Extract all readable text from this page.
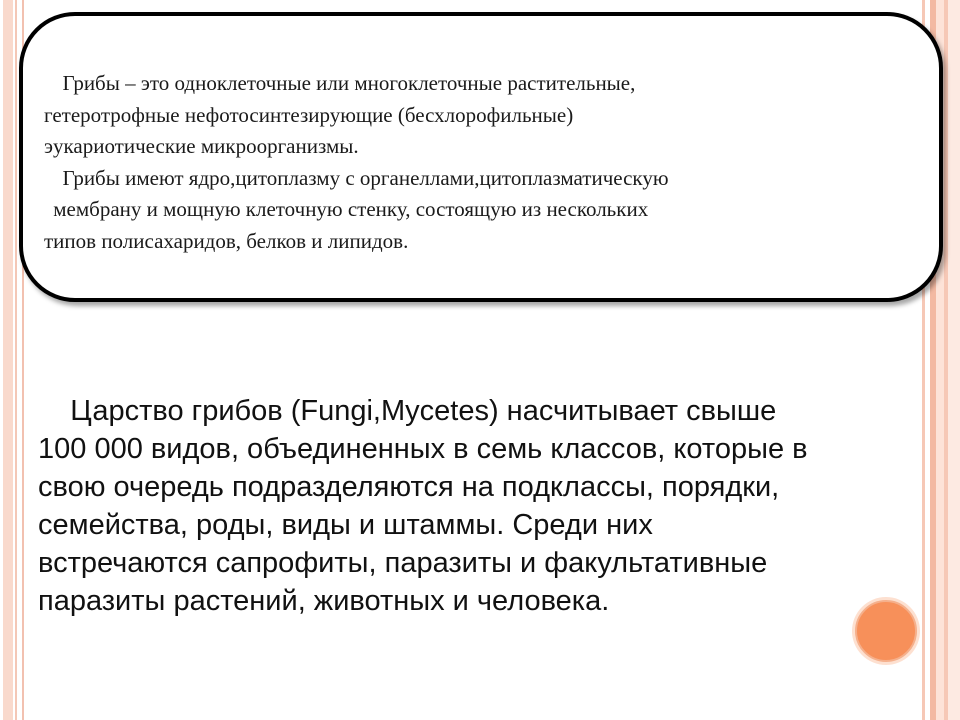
Грибы – это одноклеточные или многоклеточные растительные,

гетеротрофные нефотосинтезирующие (бесхлорофильные)

эукариотические микроорганизмы.

Грибы имеют ядро,цитоплазму с органеллами,цитоплазматическую

мембрану и мощную клеточную стенку, состоящую из нескольких

типов полисахаридов, белков и липидов.

Царство грибов (Fungi,Mycetes) насчитывает свыше

100 000 видов, объединенных в семь классов, которые в

свою очередь подразделяются на подклассы, порядки,

семейства, роды, виды и штаммы. Среди них

встречаются сапрофиты, паразиты и факультативные

паразиты растений, животных и человека.
